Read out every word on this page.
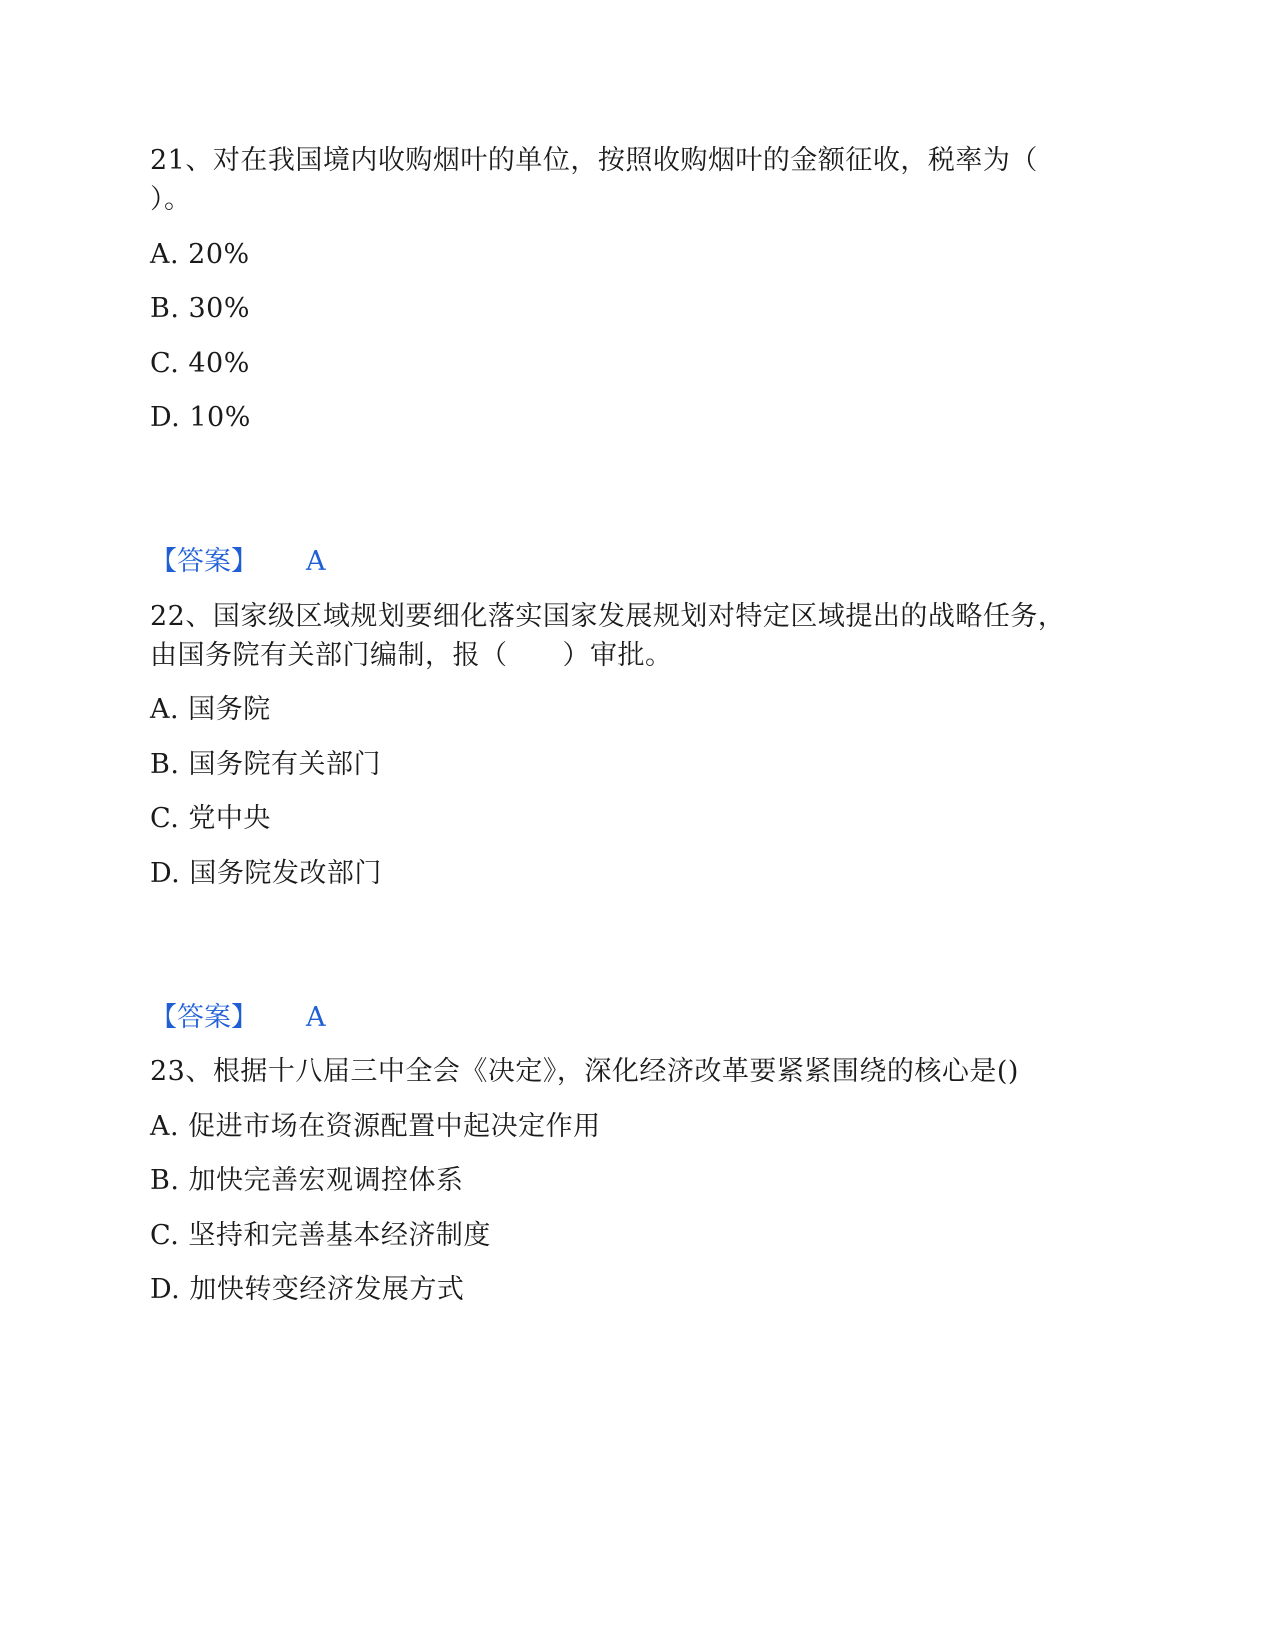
21、对在我国境内收购烟叶的单位，按照收购烟叶的金额征收，税率为（
）。
A. 20%
B. 30%
C. 40%
D. 10%
【答案】 A
22、国家级区域规划要细化落实国家发展规划对特定区域提出的战略任务，
由国务院有关部门编制，报（　　）审批。
A. 国务院
B. 国务院有关部门
C. 党中央
D. 国务院发改部门
【答案】 A
23、根据十八届三中全会《决定》，深化经济改革要紧紧围绕的核心是()
A. 促进市场在资源配置中起决定作用
B. 加快完善宏观调控体系
C. 坚持和完善基本经济制度
D. 加快转变经济发展方式
